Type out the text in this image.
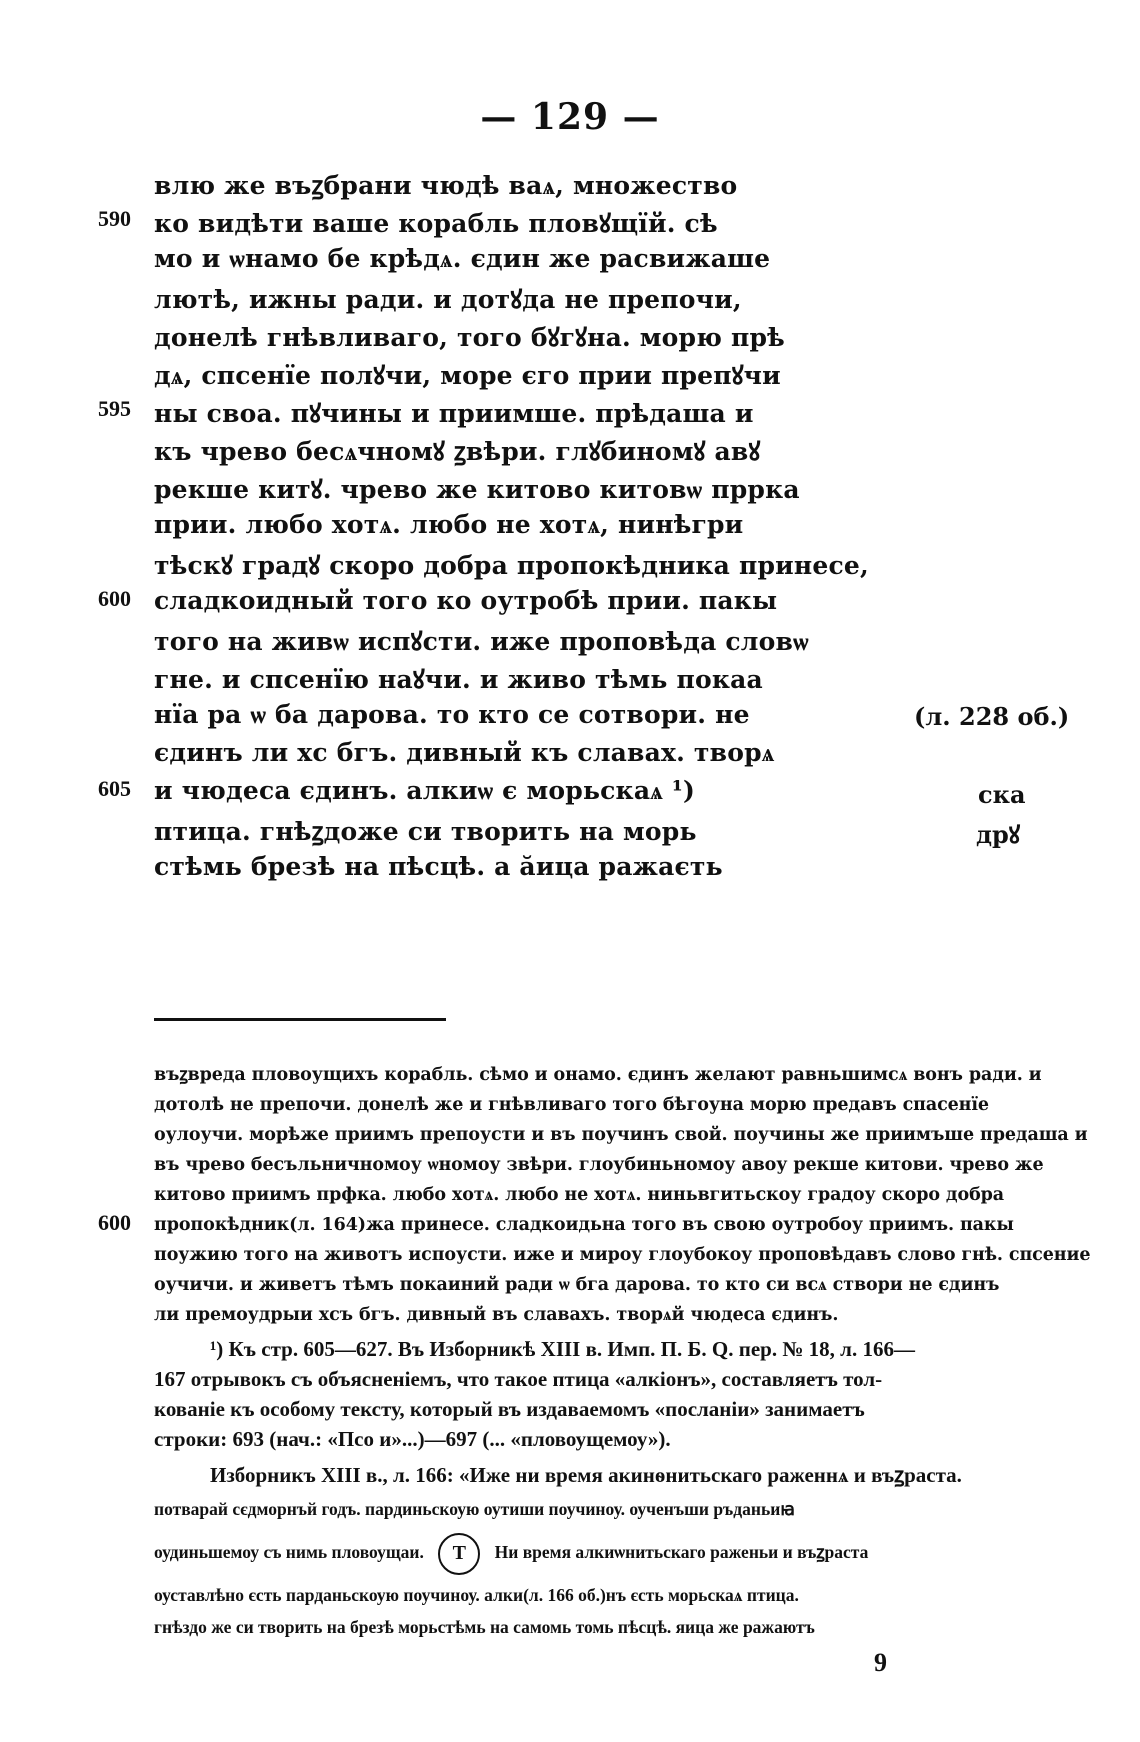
— 129 —
влю же въꙁбрани чюдѣ ваѧ, множество
590 ко видѣти ваше корабль пловꙋщїй. сѣ
мо и ѡнамо бе крѣдѧ. єдин же расвижаше
лютѣ, ижны ради. и дотꙋда не препочи,
донелѣ гнѣвливаго, того бꙋгꙋна. морю прѣ
дѧ, спсенїе полꙋчи, море єго прии препꙋчи
595 ны своа. пꙋчины и приимше. прѣдаша и
къ чрево бесѧчномꙋ ꙁвѣри. глꙋбиномꙋ авꙋ
рекше китꙋ. чрево же китово китовѡ пррка
прии. любо хотѧ. любо не хотѧ, нинѣгри
тѣскꙋ градꙋ скоро добра пропокѣдника принесе,
600 сладкоидный того ко оутробѣ прии. пакы
того на живѡ испꙋсти. иже проповѣда словѡ
гне. и спсенїю наꙋчи. и живо тѣмь покаа
нїа ра ѡ ба дарова. то кто се сотвори. не
єдинъ ли хс бгъ. дивный къ славах. творѧ
605 и чюдеса єдинъ. алкиѡ є морьскаѧ ¹)
птица. гнѣꙁдоже си творить на морь
стѣмь брезѣ на пѣсцѣ. а ӑица ражаєть
(л. 228 об.)
ска
дрꙋ
въꙁвреда пловоущихъ корабль. сѣмо и онамо. єдинъ желают равньшимсѧ вонъ ради. и
дотолѣ не препочи. донелѣ же и гнѣвливаго того бѣгоуна морю предавъ спасенїе
оулоучи. морѣже приимъ препоусти и въ поучинъ свой. поучины же приимъше предаша и
въ чрево бесъльничномоу ѡномоу звѣри. глоубиньномоу авоу рекше китови. чрево же
китово приимъ прфка. любо хотѧ. любо не хотѧ. ниньвгитьскоу градоу скоро добра
600 пропокѣдник(л. 164)жа принесе. сладкоидьна того въ свою оутробоу приимъ. пакы
поужию того на животъ испоусти. иже и мироу глоубокоу проповѣдавъ слово гнѣ. спсение
оучичи. и живетъ тѣмъ покаиний ради ѡ бга дарова. то кто си всѧ створи не єдинъ
ли премоудрыи хсъ бгъ. дивный въ славахъ. творѧй чюдеса єдинъ.
¹) Къ стр. 605—627. Въ Изборникѣ XIII в. Имп. П. Б. Q. пер. № 18, л. 166—
167 отрывокъ съ объясненiемъ, что такое птица «алкiонъ», составляетъ тол-
кованiе къ особому тексту, который въ издаваемомъ «посланiи» занимаетъ
строки: 693 (нач.: «Псо и»...)—697 (... «пловоущемоу»).
Изборникъ XIII в., л. 166: «Иже ни время акинѳнитьскаго раженнѧ и въꙁраста.
потварай сєдморнъй годъ. пардиньскоую оутиши поучиноу. оученъши ръданьиꙗ
оудиньшемоу съ нимь пловоущаи. Т Ни время алкиѡнитьскаго раженьи и въꙁраста
оуставлѣно єсть парданьскоую поучиноу. алки(л. 166 об.)нъ єсть морьскаѧ птица.
гнѣздо же си творить на брезѣ морьстѣмь на самомь томь пѣсцѣ. яица же ражаютъ
9
